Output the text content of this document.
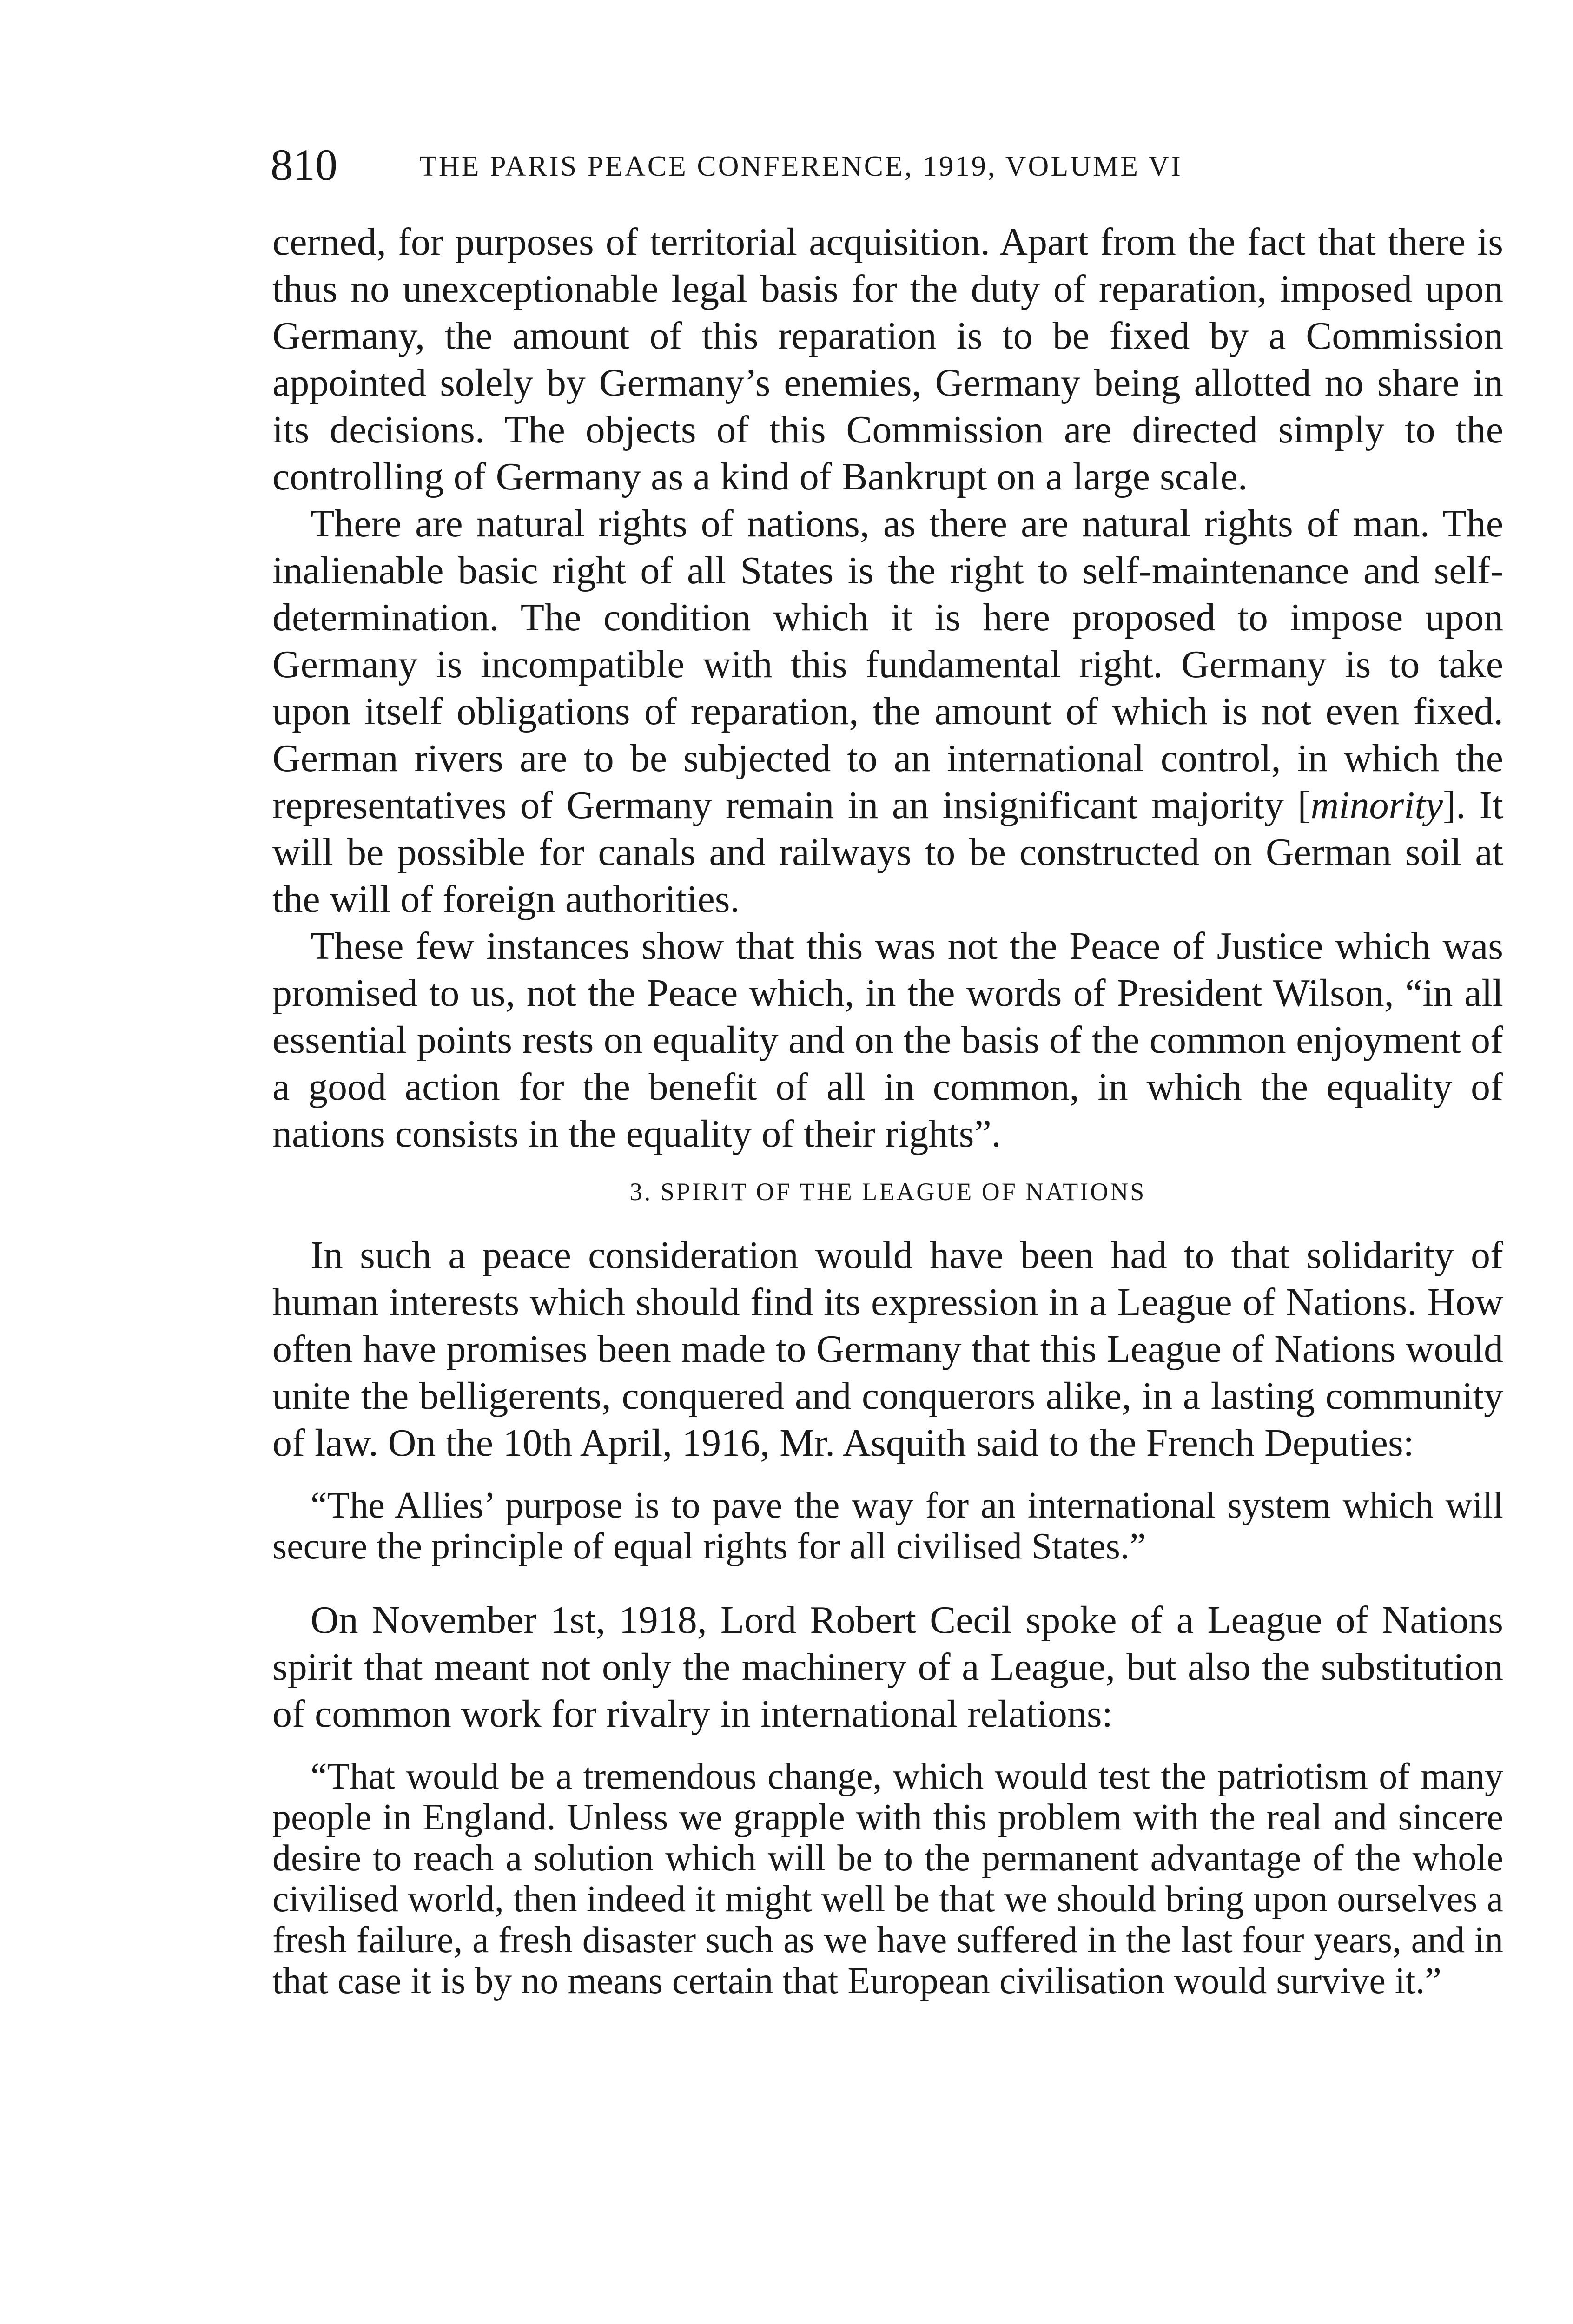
810	THE PARIS PEACE CONFERENCE, 1919, VOLUME VI

cerned, for purposes of territorial acquisition. Apart from the fact that there is thus no unexceptionable legal basis for the duty of reparation, imposed upon Germany, the amount of this reparation is to be fixed by a Commission appointed solely by Germany’s enemies, Germany being allotted no share in its decisions. The objects of this Commission are directed simply to the controlling of Germany as a kind of Bankrupt on a large scale.

There are natural rights of nations, as there are natural rights of man. The inalienable basic right of all States is the right to self-maintenance and self-determination. The condition which it is here proposed to impose upon Germany is incompatible with this fundamental right. Germany is to take upon itself obligations of reparation, the amount of which is not even fixed. German rivers are to be subjected to an international control, in which the representatives of Germany remain in an insignificant majority [minority]. It will be possible for canals and railways to be constructed on German soil at the will of foreign authorities.

These few instances show that this was not the Peace of Justice which was promised to us, not the Peace which, in the words of President Wilson, “in all essential points rests on equality and on the basis of the common enjoyment of a good action for the benefit of all in common, in which the equality of nations consists in the equality of their rights”.

3. SPIRIT OF THE LEAGUE OF NATIONS

In such a peace consideration would have been had to that solidarity of human interests which should find its expression in a League of Nations. How often have promises been made to Germany that this League of Nations would unite the belligerents, conquered and conquerors alike, in a lasting community of law. On the 10th April, 1916, Mr. Asquith said to the French Deputies:

“The Allies’ purpose is to pave the way for an international system which will secure the principle of equal rights for all civilised States.”

On November 1st, 1918, Lord Robert Cecil spoke of a League of Nations spirit that meant not only the machinery of a League, but also the substitution of common work for rivalry in international relations:

“That would be a tremendous change, which would test the patriotism of many people in England. Unless we grapple with this problem with the real and sincere desire to reach a solution which will be to the permanent advantage of the whole civilised world, then indeed it might well be that we should bring upon ourselves a fresh failure, a fresh disaster such as we have suffered in the last four years, and in that case it is by no means certain that European civilisation would survive it.”
